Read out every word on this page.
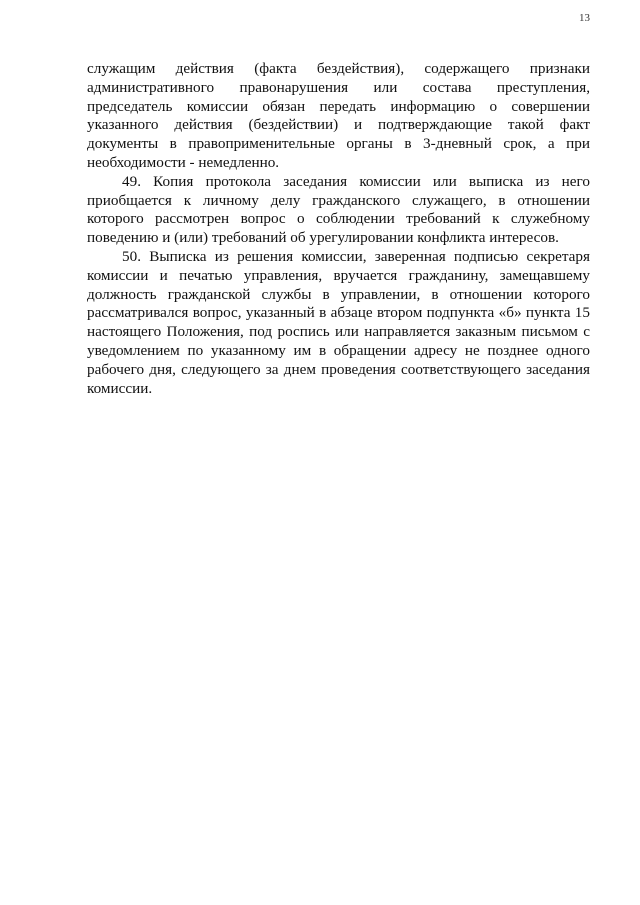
13

служащим действия (факта бездействия), содержащего признаки административного правонарушения или состава преступления, председатель комиссии обязан передать информацию о совершении указанного действия (бездействии) и подтверждающие такой факт документы в правоприменительные органы в 3-дневный срок, а при необходимости - немедленно.

49. Копия протокола заседания комиссии или выписка из него приобщается к личному делу гражданского служащего, в отношении которого рассмотрен вопрос о соблюдении требований к служебному поведению и (или) требований об урегулировании конфликта интересов.

50. Выписка из решения комиссии, заверенная подписью секретаря комиссии и печатью управления, вручается гражданину, замещавшему должность гражданской службы в управлении, в отношении которого рассматривался вопрос, указанный в абзаце втором подпункта «б» пункта 15 настоящего Положения, под роспись или направляется заказным письмом с уведомлением по указанному им в обращении адресу не позднее одного рабочего дня, следующего за днем проведения соответствующего заседания комиссии.
